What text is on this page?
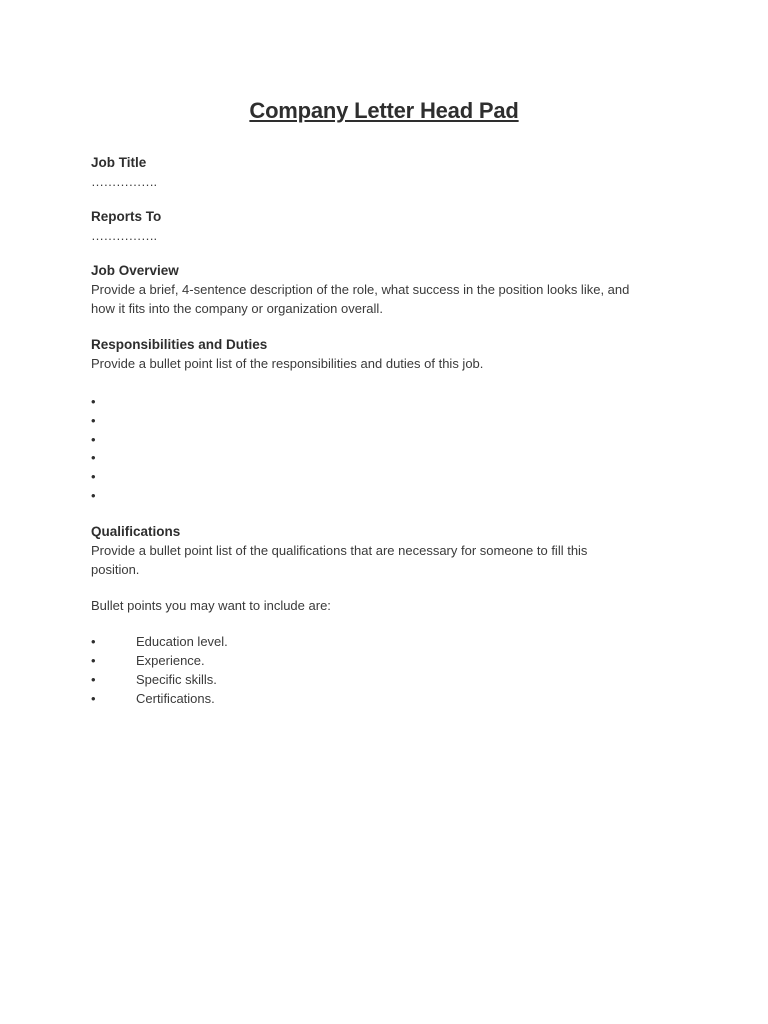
Company Letter Head Pad

Job Title

…………….

Reports To

…………….

Job Overview

Provide a brief, 4-sentence description of the role, what success in the position looks like, and

how it fits into the company or organization overall.

Responsibilities and Duties

Provide a bullet point list of the responsibilities and duties of this job.

•
•
•
•
•
•

Qualifications

Provide a bullet point list of the qualifications that are necessary for someone to fill this

position.

Bullet points you may want to include are:

•
Education level.
•
Experience.
•
Specific skills.
•
Certifications.
